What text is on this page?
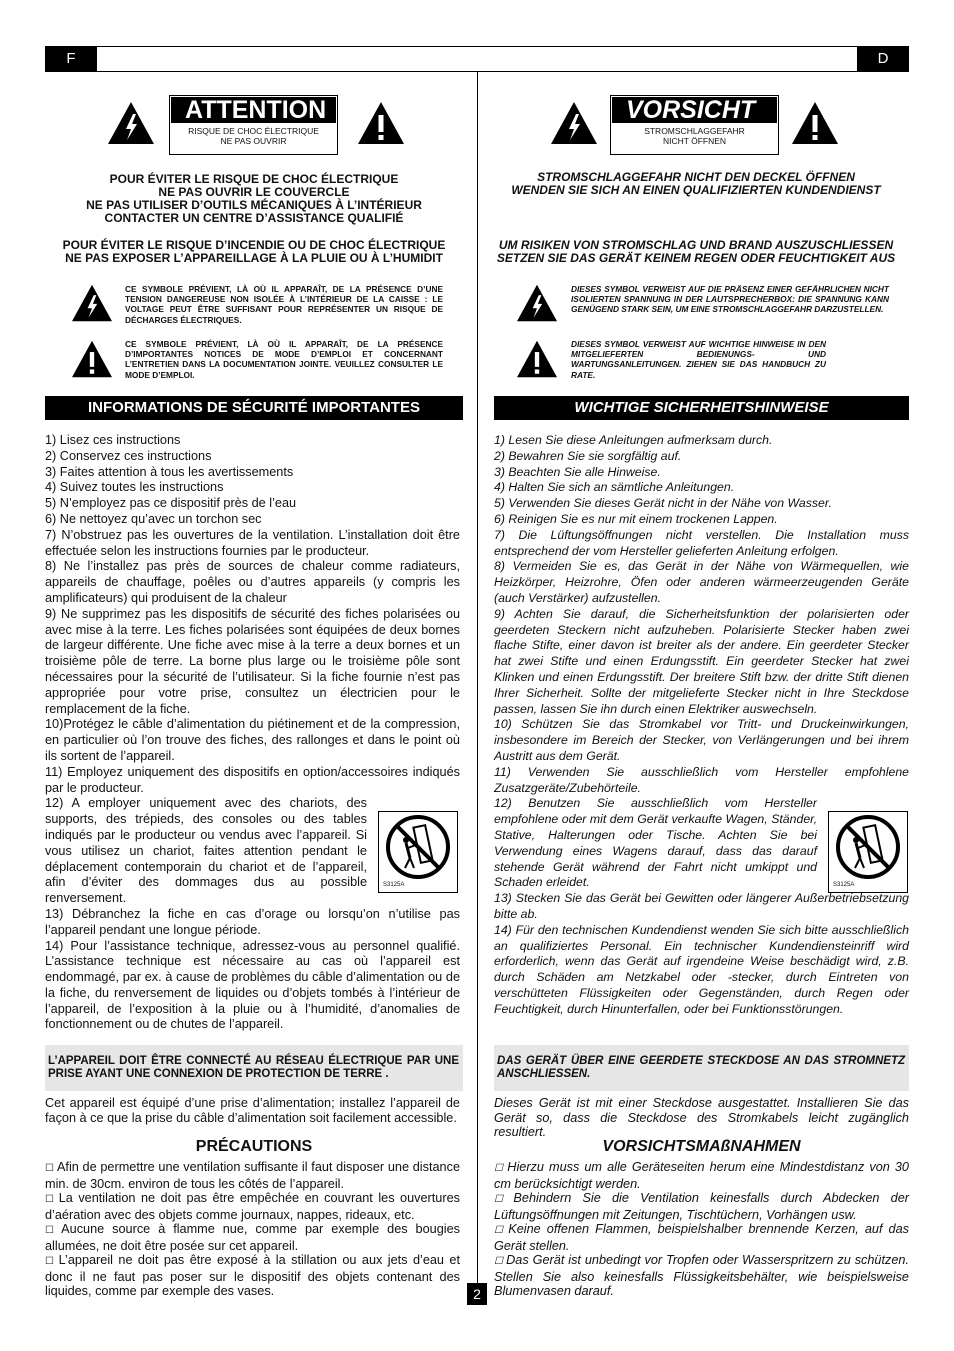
F	D
ATTENTION
RISQUE DE CHOC ÉLECTRIQUE
NE PAS OUVRIR
POUR ÉVITER LE RISQUE DE CHOC ÉLECTRIQUE
NE PAS OUVRIR LE COUVERCLE
NE PAS UTILISER D’OUTILS MÉCANIQUES À L’INTÉRIEUR
CONTACTER UN CENTRE D’ASSISTANCE QUALIFIÉ
POUR ÉVITER LE RISQUE D’INCENDIE OU DE CHOC ÉLECTRIQUE
NE PAS EXPOSER L’APPAREILLAGE À LA PLUIE OU À L’HUMIDIT
CE SYMBOLE PRÉVIENT, LÀ OÙ IL APPARAÎT, DE LA PRÉSENCE D’UNE TENSION DANGEREUSE NON ISOLÉE À L’INTÉRIEUR DE LA CAISSE : LE VOLTAGE PEUT ÊTRE SUFFISANT POUR REPRÉSENTER UN RISQUE DE DÉCHARGES ÉLECTRIQUES.
CE SYMBOLE PRÉVIENT, LÀ OÙ IL APPARAÎT, DE LA PRÉSENCE D’IMPORTANTES NOTICES DE MODE D’EMPLOI ET CONCERNANT L’ENTRETIEN DANS LA DOCUMENTATION JOINTE. VEUILLEZ CONSULTER LE MODE D’EMPLOI.
INFORMATIONS DE SÉCURITÉ IMPORTANTES
1) Lisez ces instructions
2) Conservez ces instructions
3) Faites attention à tous les avertissements
4) Suivez toutes les instructions
5) N’employez pas ce dispositif près de l’eau
6) Ne nettoyez qu’avec un torchon sec
7) N’obstruez pas les ouvertures de la ventilation. L’installation doit être effectuée selon les instructions fournies par le producteur.
8) Ne l’installez pas près de sources de chaleur comme radiateurs, appareils de chauffage, poêles ou d’autres appareils (y compris les amplificateurs) qui produisent de la chaleur
9) Ne supprimez pas les dispositifs de sécurité des fiches polarisées ou avec mise à la terre. Les fiches polarisées sont équipées de deux bornes de largeur différente. Une fiche avec mise à la terre a deux bornes et un troisième pôle de terre. La borne plus large ou le troisième pôle sont nécessaires pour la sécurité de l’utilisateur. Si la fiche fournie n’est pas appropriée pour votre prise, consultez un électricien pour le remplacement de la fiche.
10)Protégez le câble d’alimentation du piétinement et de la compression, en particulier où l’on trouve des fiches, des rallonges et dans le point où ils sortent de l’appareil.
11) Employez uniquement des dispositifs en option/accessoires indiqués par le producteur.
12) A employer uniquement avec des chariots, des supports, des trépieds, des consoles ou des tables indiqués par le producteur ou vendus avec l’appareil. Si vous utilisez un chariot, faites attention pendant le déplacement contemporain du chariot et de l’appareil, afin d’éviter des dommages dus au possible renversement.
13) Débranchez la fiche en cas d’orage ou lorsqu’on n’utilise pas l’appareil pendant une longue période.
14) Pour l’assistance technique, adressez-vous au personnel qualifié. L’assistance technique est nécessaire au cas où l’appareil est endommagé, par ex. à cause de problèmes du câble d’alimentation ou de la fiche, du renversement de liquides ou d’objets tombés à l’intérieur de l’appareil, de l’exposition à la pluie ou à l’humidité, d’anomalies de fonctionnement ou de chutes de l’appareil.
S3125A
L’APPAREIL DOIT ÊTRE CONNECTÉ AU RÉSEAU ÉLECTRIQUE PAR UNE PRISE AYANT UNE CONNEXION DE PROTECTION DE TERRE .
Cet appareil est équipé d’une prise d’alimentation; installez l’appareil de façon à ce que la prise du câble d’alimentation soit facilement accessible.
PRÉCAUTIONS
☐ Afin de permettre une ventilation suffisante il faut disposer une distance min. de 30cm. environ de tous les côtés de l’appareil.
☐ La ventilation ne doit pas être empêchée en couvrant les ouvertures d’aération avec des objets comme journaux, nappes, rideaux, etc.
☐ Aucune source à flamme nue, comme par exemple des bougies allumées, ne doit être posée sur cet appareil.
☐ L’appareil ne doit pas être exposé à la stillation ou aux jets d’eau et donc il ne faut pas poser sur le dispositif des objets contenant des liquides, comme par exemple des vases.
VORSICHT
STROMSCHLAGGEFAHR
NICHT ÖFFNEN
STROMSCHLAGGEFAHR NICHT DEN DECKEL ÖFFNEN
WENDEN SIE SICH AN EINEN QUALIFIZIERTEN KUNDENDIENST
UM RISIKEN VON STROMSCHLAG UND BRAND AUSZUSCHLIESSEN
SETZEN SIE DAS GERÄT KEINEM REGEN ODER FEUCHTIGKEIT AUS
DIESES SYMBOL VERWEIST AUF DIE PRÄSENZ EINER GEFÄHRLICHEN NICHT ISOLIERTEN SPANNUNG IN DER LAUTSPRECHERBOX: DIE SPANNUNG KANN GENÜGEND STARK SEIN, UM EINE STROMSCHLAGGEFAHR DARZUSTELLEN.
DIESES SYMBOL VERWEIST AUF WICHTIGE HINWEISE IN DEN MITGELIEFERTEN BEDIENUNGS- UND WARTUNGSANLEITUNGEN. ZIEHEN SIE DAS HANDBUCH ZU RATE.
WICHTIGE SICHERHEITSHINWEISE
1) Lesen Sie diese Anleitungen aufmerksam durch.
2) Bewahren Sie sie sorgfältig auf.
3) Beachten Sie alle Hinweise.
4) Halten Sie sich an sämtliche Anleitungen.
5) Verwenden Sie dieses Gerät nicht in der Nähe von Wasser.
6) Reinigen Sie es nur mit einem trockenen Lappen.
7) Die Lüftungsöffnungen nicht verstellen. Die Installation muss entsprechend der vom Hersteller gelieferten Anleitung erfolgen.
8) Vermeiden Sie es, das Gerät in der Nähe von Wärmequellen, wie Heizkörper, Heizrohre, Öfen oder anderen wärmeerzeugenden Geräte (auch Verstärker) aufzustellen.
9) Achten Sie darauf, die Sicherheitsfunktion der polarisierten oder geerdeten Steckern nicht aufzuheben. Polarisierte Stecker haben zwei flache Stifte, einer davon ist breiter als der andere. Ein geerdeter Stecker hat zwei Stifte und einen Erdungsstift. Ein geerdeter Stecker hat zwei Klinken und einen Erdungsstift. Der breitere Stift bzw. der dritte Stift dienen Ihrer Sicherheit. Sollte der mitgelieferte Stecker nicht in Ihre Steckdose passen, lassen Sie ihn durch einen Elektriker auswechseln.
10) Schützen Sie das Stromkabel vor Tritt- und Druckeinwirkungen, insbesondere im Bereich der Stecker, von Verlängerungen und bei ihrem Austritt aus dem Gerät.
11) Verwenden Sie ausschließlich vom Hersteller empfohlene Zusatzgeräte/Zubehörteile.
12) Benutzen Sie ausschließlich vom Hersteller empfohlene oder mit dem Gerät verkaufte Wagen, Ständer, Stative, Halterungen oder Tische. Achten Sie bei Verwendung eines Wagens darauf, dass das darauf stehende Gerät während der Fahrt nicht umkippt und Schaden erleidet.
13) Stecken Sie das Gerät bei Gewitten oder längerer Außerbetriebsetzung bitte ab.
14) Für den technischen Kundendienst wenden Sie sich bitte ausschließlich an qualifiziertes Personal. Ein technischer Kundendiensteinriff wird erforderlich, wenn das Gerät auf irgendeine Weise beschädigt wird, z.B. durch Schäden am Netzkabel oder -stecker, durch Eintreten von verschütteten Flüssigkeiten oder Gegenständen, durch Regen oder Feuchtigkeit, durch Hinunterfallen, oder bei Funktionsstörungen.
S3125A
DAS GERÄT ÜBER EINE GEERDETE STECKDOSE AN DAS STROMNETZ ANSCHLIESSEN.
Dieses Gerät ist mit einer Steckdose ausgestattet. Installieren Sie das Gerät so, dass die Steckdose des Stromkabels leicht zugänglich resultiert.
VORSICHTSMAßNAHMEN
☐ Hierzu muss um alle Geräteseiten herum eine Mindestdistanz von 30 cm berücksichtigt werden.
☐ Behindern Sie die Ventilation keinesfalls durch Abdecken der Lüftungsöffnungen mit Zeitungen, Tischtüchern, Vorhängen usw.
☐ Keine offenen Flammen, beispielshalber brennende Kerzen, auf das Gerät stellen.
☐ Das Gerät ist unbedingt vor Tropfen oder Wasserspritzern zu schützen. Stellen Sie also keinesfalls Flüssigkeitsbehälter, wie beispielsweise Blumenvasen darauf.
2
